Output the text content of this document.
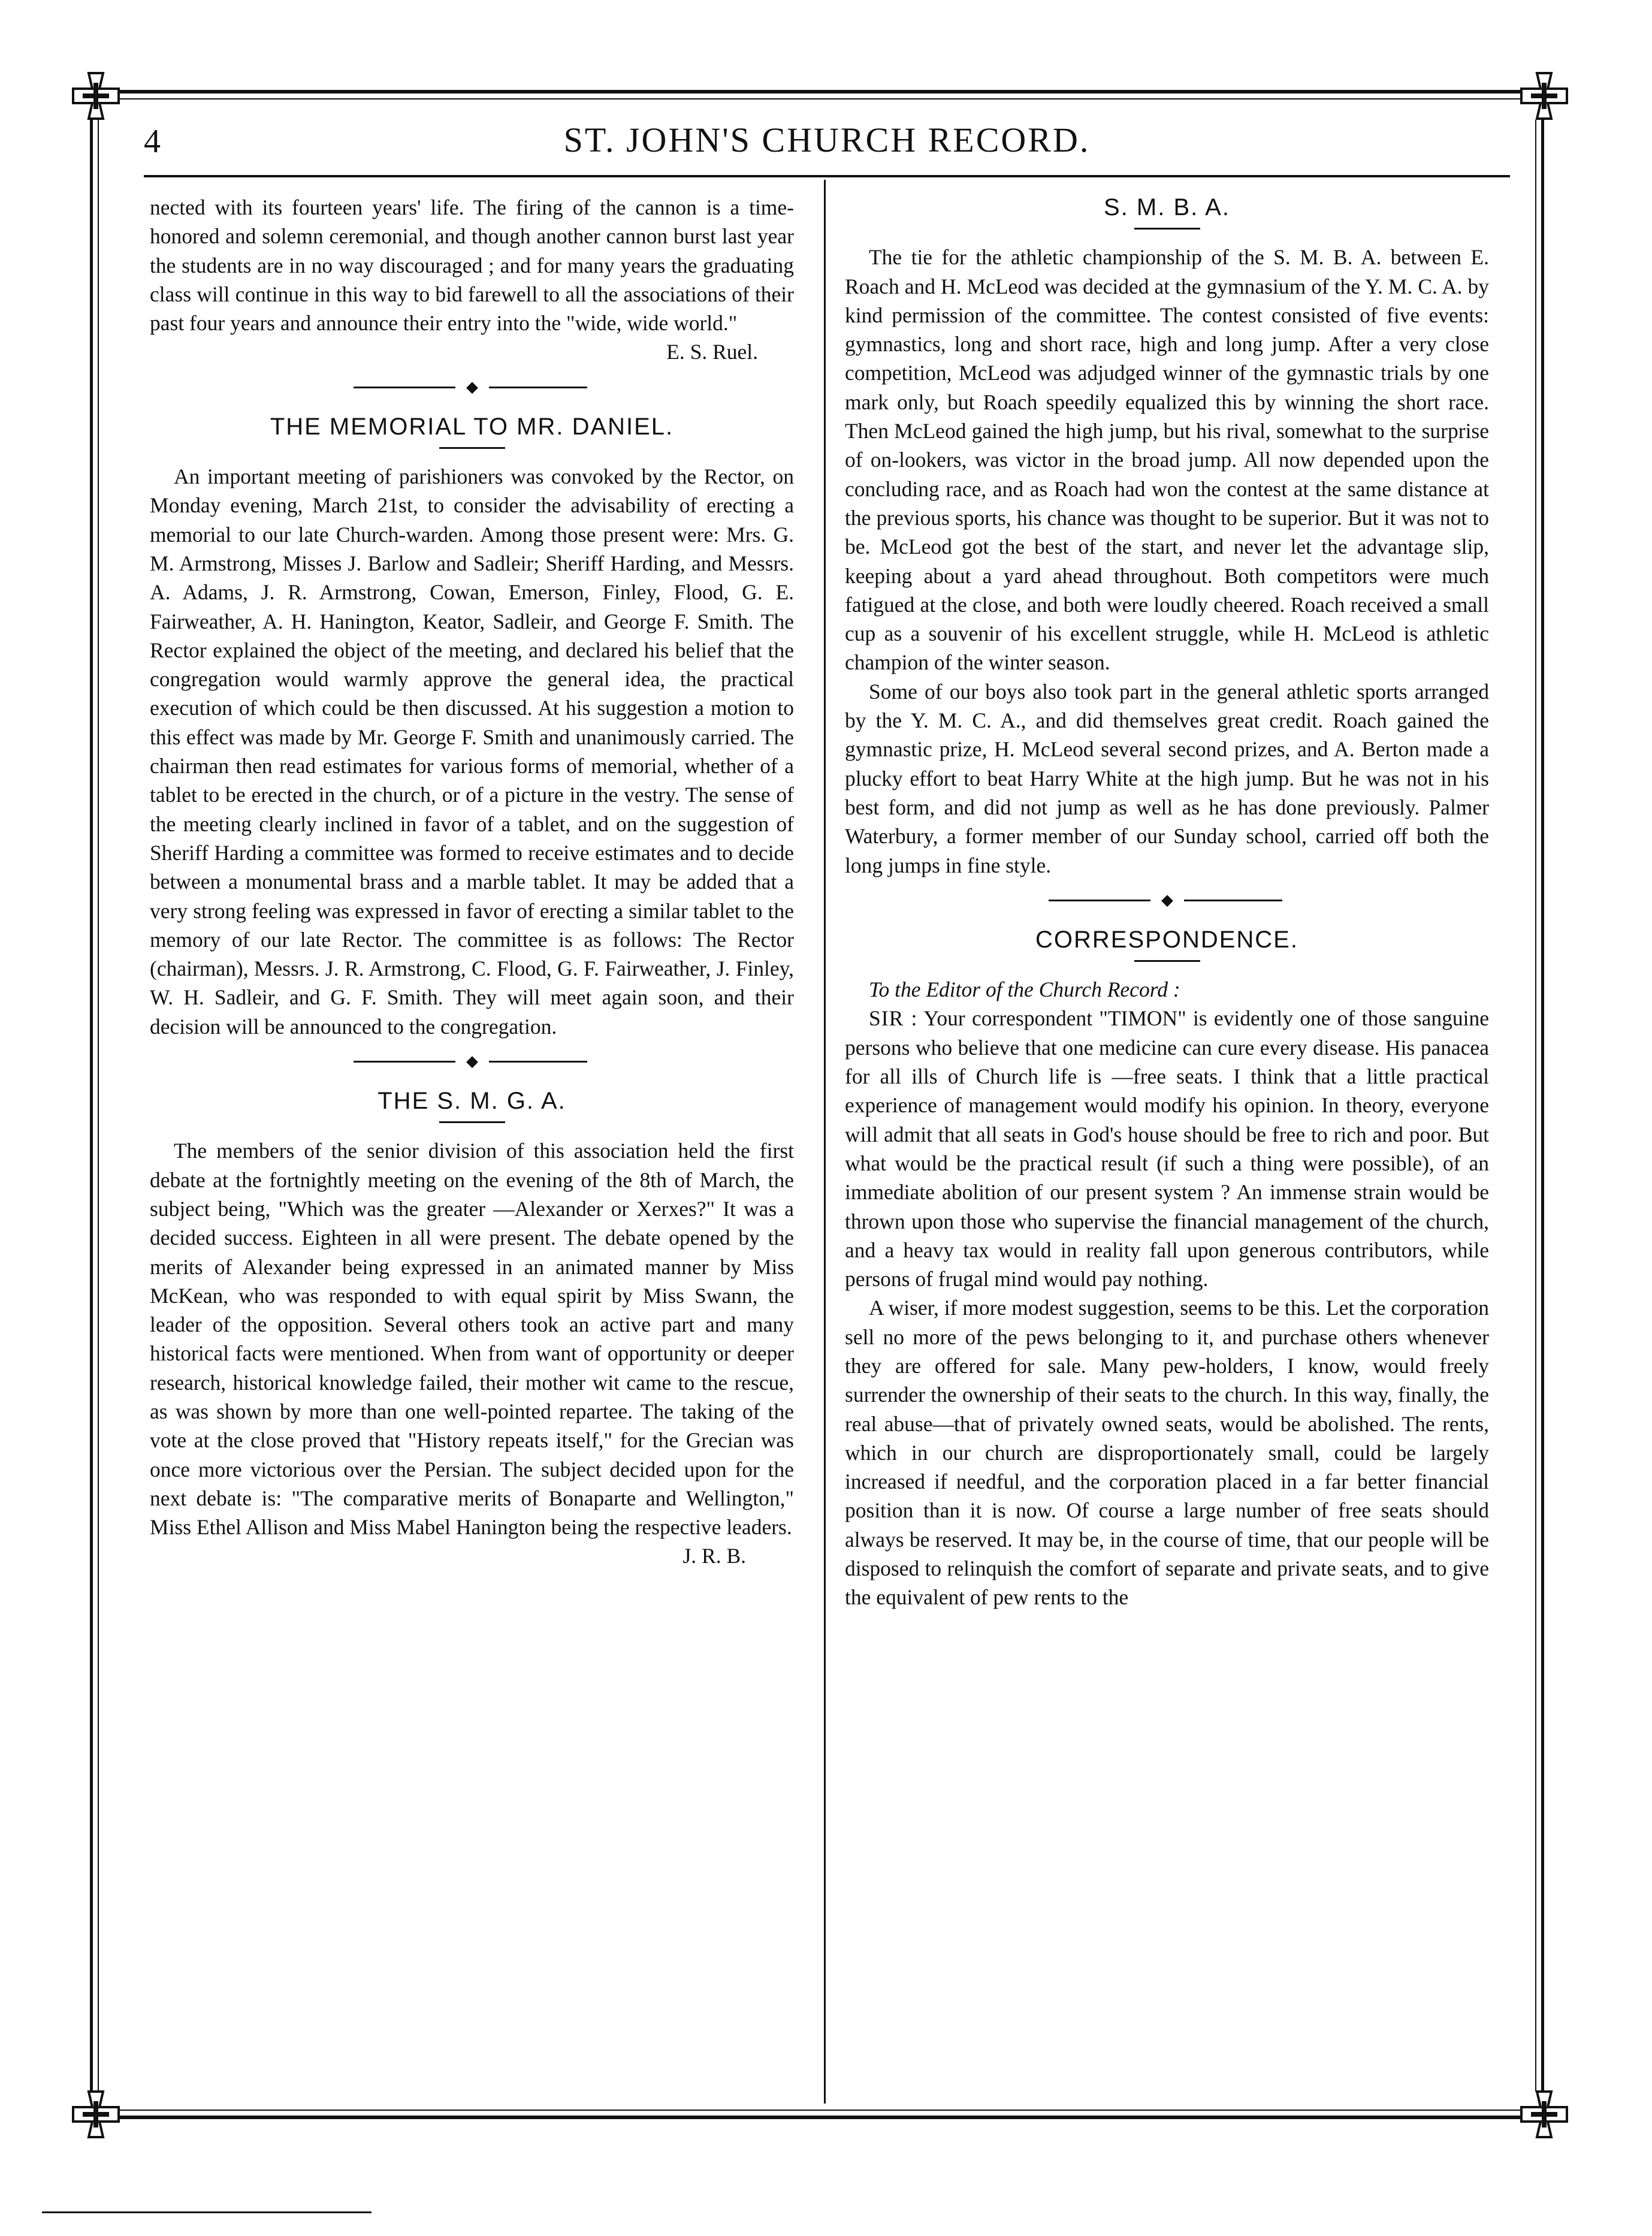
4	ST. JOHN'S CHURCH RECORD.

nected with its fourteen years' life. The firing of the cannon is a time-honored and solemn ceremonial, and though another cannon burst last year the students are in no way discouraged ; and for many years the graduating class will continue in this way to bid farewell to all the associations of their past four years and announce their entry into the "wide, wide world."

E. S. Ruel.

◆
THE MEMORIAL TO MR. DANIEL.

An important meeting of parishioners was convoked by the Rector, on Monday evening, March 21st, to consider the advisability of erecting a memorial to our late Church-warden. Among those present were: Mrs. G. M. Armstrong, Misses J. Barlow and Sadleir; Sheriff Harding, and Messrs. A. Adams, J. R. Armstrong, Cowan, Emerson, Finley, Flood, G. E. Fairweather, A. H. Hanington, Keator, Sadleir, and George F. Smith. The Rector explained the object of the meeting, and declared his belief that the congregation would warmly approve the general idea, the practical execution of which could be then discussed. At his suggestion a motion to this effect was made by Mr. George F. Smith and unanimously carried. The chairman then read estimates for various forms of memorial, whether of a tablet to be erected in the church, or of a picture in the vestry. The sense of the meeting clearly inclined in favor of a tablet, and on the suggestion of Sheriff Harding a committee was formed to receive estimates and to decide between a monumental brass and a marble tablet. It may be added that a very strong feeling was expressed in favor of erecting a similar tablet to the memory of our late Rector. The committee is as follows: The Rector (chairman), Messrs. J. R. Armstrong, C. Flood, G. F. Fairweather, J. Finley, W. H. Sadleir, and G. F. Smith. They will meet again soon, and their decision will be announced to the congregation.

◆
THE S. M. G. A.

The members of the senior division of this association held the first debate at the fortnightly meeting on the evening of the 8th of March, the subject being, "Which was the greater —Alexander or Xerxes?" It was a decided success. Eighteen in all were present. The debate opened by the merits of Alexander being expressed in an animated manner by Miss McKean, who was responded to with equal spirit by Miss Swann, the leader of the opposition. Several others took an active part and many historical facts were mentioned. When from want of opportunity or deeper research, historical knowledge failed, their mother wit came to the rescue, as was shown by more than one well-pointed repartee. The taking of the vote at the close proved that "History repeats itself," for the Grecian was once more victorious over the Persian. The subject decided upon for the next debate is: "The comparative merits of Bonaparte and Wellington," Miss Ethel Allison and Miss Mabel Hanington being the respective leaders.

J. R. B.

S. M. B. A.

The tie for the athletic championship of the S. M. B. A. between E. Roach and H. McLeod was decided at the gymnasium of the Y. M. C. A. by kind permission of the committee. The contest consisted of five events: gymnastics, long and short race, high and long jump. After a very close competition, McLeod was adjudged winner of the gymnastic trials by one mark only, but Roach speedily equalized this by winning the short race. Then McLeod gained the high jump, but his rival, somewhat to the surprise of on-lookers, was victor in the broad jump. All now depended upon the concluding race, and as Roach had won the contest at the same distance at the previous sports, his chance was thought to be superior. But it was not to be. McLeod got the best of the start, and never let the advantage slip, keeping about a yard ahead throughout. Both competitors were much fatigued at the close, and both were loudly cheered. Roach received a small cup as a souvenir of his excellent struggle, while H. McLeod is athletic champion of the winter season.

Some of our boys also took part in the general athletic sports arranged by the Y. M. C. A., and did themselves great credit. Roach gained the gymnastic prize, H. McLeod several second prizes, and A. Berton made a plucky effort to beat Harry White at the high jump. But he was not in his best form, and did not jump as well as he has done previously. Palmer Waterbury, a former member of our Sunday school, carried off both the long jumps in fine style.

◆
CORRESPONDENCE.

To the Editor of the Church Record :

SIR : Your correspondent "TIMON" is evidently one of those sanguine persons who believe that one medicine can cure every disease. His panacea for all ills of Church life is —free seats. I think that a little practical experience of management would modify his opinion. In theory, everyone will admit that all seats in God's house should be free to rich and poor. But what would be the practical result (if such a thing were possible), of an immediate abolition of our present system ? An immense strain would be thrown upon those who supervise the financial management of the church, and a heavy tax would in reality fall upon generous contributors, while persons of frugal mind would pay nothing.

A wiser, if more modest suggestion, seems to be this. Let the corporation sell no more of the pews belonging to it, and purchase others whenever they are offered for sale. Many pew-holders, I know, would freely surrender the ownership of their seats to the church. In this way, finally, the real abuse—that of privately owned seats, would be abolished. The rents, which in our church are disproportionately small, could be largely increased if needful, and the corporation placed in a far better financial position than it is now. Of course a large number of free seats should always be reserved. It may be, in the course of time, that our people will be disposed to relinquish the comfort of separate and private seats, and to give the equivalent of pew rents to the
